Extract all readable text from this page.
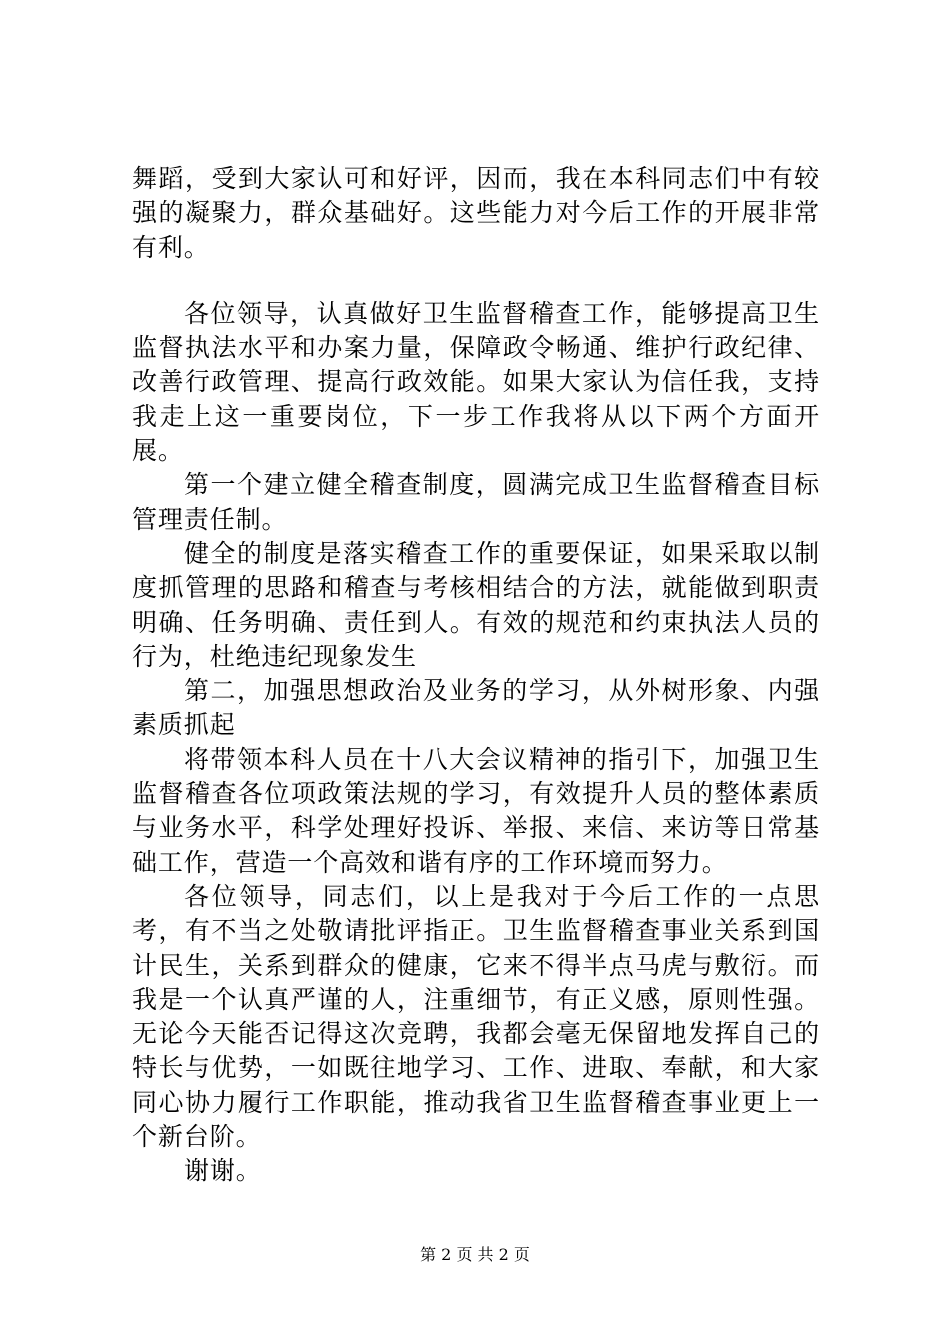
舞蹈，受到大家认可和好评，因而，我在本科同志们中有较强的凝聚力，群众基础好。这些能力对今后工作的开展非常有利。

各位领导，认真做好卫生监督稽查工作，能够提高卫生监督执法水平和办案力量，保障政令畅通、维护行政纪律、改善行政管理、提高行政效能。如果大家认为信任我，支持我走上这一重要岗位，下一步工作我将从以下两个方面开展。

第一个建立健全稽查制度，圆满完成卫生监督稽查目标管理责任制。

健全的制度是落实稽查工作的重要保证，如果采取以制度抓管理的思路和稽查与考核相结合的方法，就能做到职责明确、任务明确、责任到人。有效的规范和约束执法人员的行为，杜绝违纪现象发生

第二，加强思想政治及业务的学习，从外树形象、内强素质抓起

将带领本科人员在十八大会议精神的指引下，加强卫生监督稽查各位项政策法规的学习，有效提升人员的整体素质与业务水平，科学处理好投诉、举报、来信、来访等日常基础工作，营造一个高效和谐有序的工作环境而努力。

各位领导，同志们，以上是我对于今后工作的一点思考，有不当之处敬请批评指正。卫生监督稽查事业关系到国计民生，关系到群众的健康，它来不得半点马虎与敷衍。而我是一个认真严谨的人，注重细节，有正义感，原则性强。无论今天能否记得这次竞聘，我都会毫无保留地发挥自己的特长与优势，一如既往地学习、工作、进取、奉献，和大家同心协力履行工作职能，推动我省卫生监督稽查事业更上一个新台阶。

谢谢。

第 2 页 共 2 页
